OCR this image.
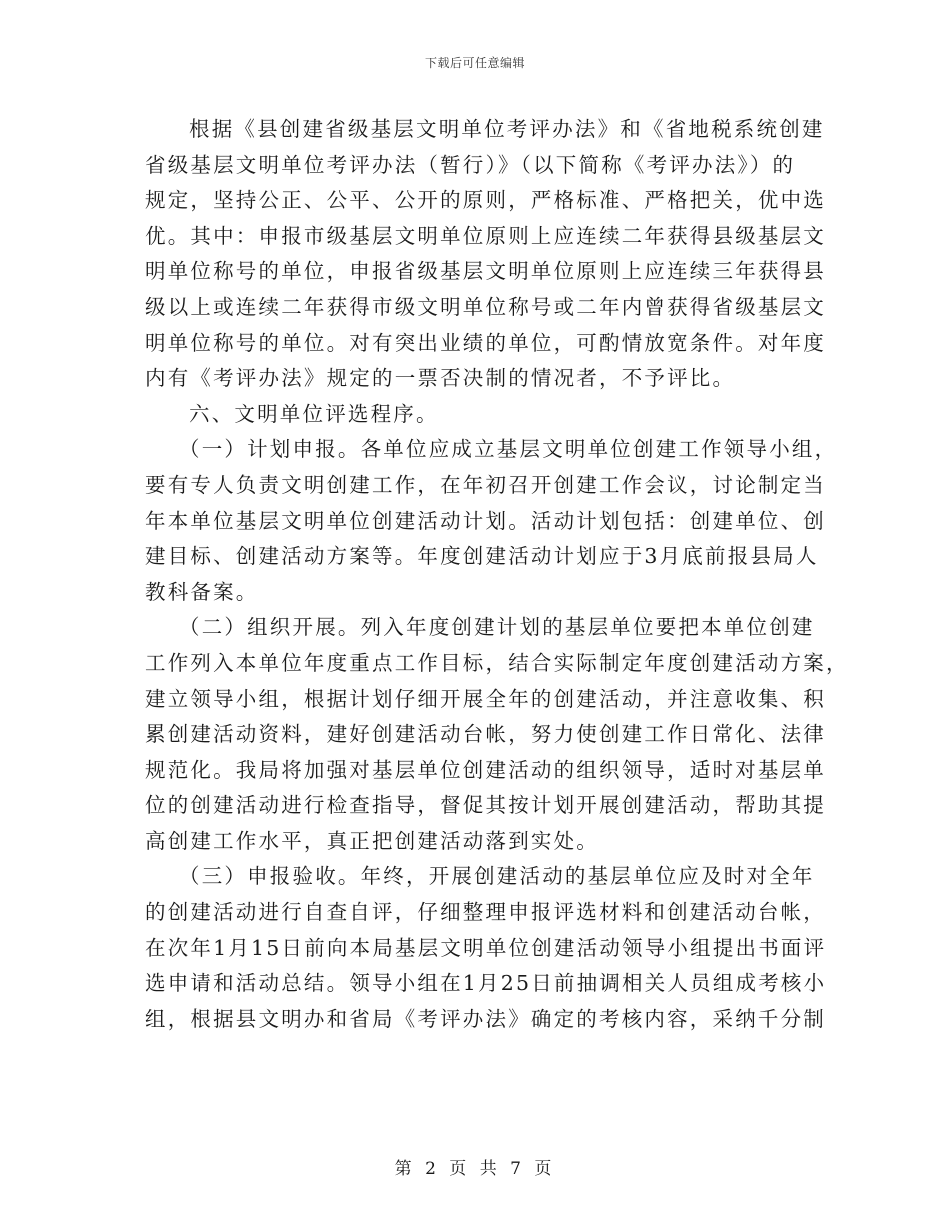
下载后可任意编辑
根据《县创建省级基层文明单位考评办法》和《省地税系统创建
省级基层文明单位考评办法（暂行）》（以下简称《考评办法》）的
规定，坚持公正、公平、公开的原则，严格标准、严格把关，优中选
优。其中：申报市级基层文明单位原则上应连续二年获得县级基层文
明单位称号的单位，申报省级基层文明单位原则上应连续三年获得县
级以上或连续二年获得市级文明单位称号或二年内曾获得省级基层文
明单位称号的单位。对有突出业绩的单位，可酌情放宽条件。对年度
内有《考评办法》规定的一票否决制的情况者，不予评比。
六、文明单位评选程序。
（一）计划申报。各单位应成立基层文明单位创建工作领导小组，
要有专人负责文明创建工作，在年初召开创建工作会议，讨论制定当
年本单位基层文明单位创建活动计划。活动计划包括：创建单位、创
建目标、创建活动方案等。年度创建活动计划应于3月底前报县局人
教科备案。
（二）组织开展。列入年度创建计划的基层单位要把本单位创建
工作列入本单位年度重点工作目标，结合实际制定年度创建活动方案，
建立领导小组，根据计划仔细开展全年的创建活动，并注意收集、积
累创建活动资料，建好创建活动台帐，努力使创建工作日常化、法律
规范化。我局将加强对基层单位创建活动的组织领导，适时对基层单
位的创建活动进行检查指导，督促其按计划开展创建活动，帮助其提
高创建工作水平，真正把创建活动落到实处。
（三）申报验收。年终，开展创建活动的基层单位应及时对全年
的创建活动进行自查自评，仔细整理申报评选材料和创建活动台帐，
在次年1月15日前向本局基层文明单位创建活动领导小组提出书面评
选申请和活动总结。领导小组在1月25日前抽调相关人员组成考核小
组，根据县文明办和省局《考评办法》确定的考核内容，采纳千分制
第 2 页 共 7 页
